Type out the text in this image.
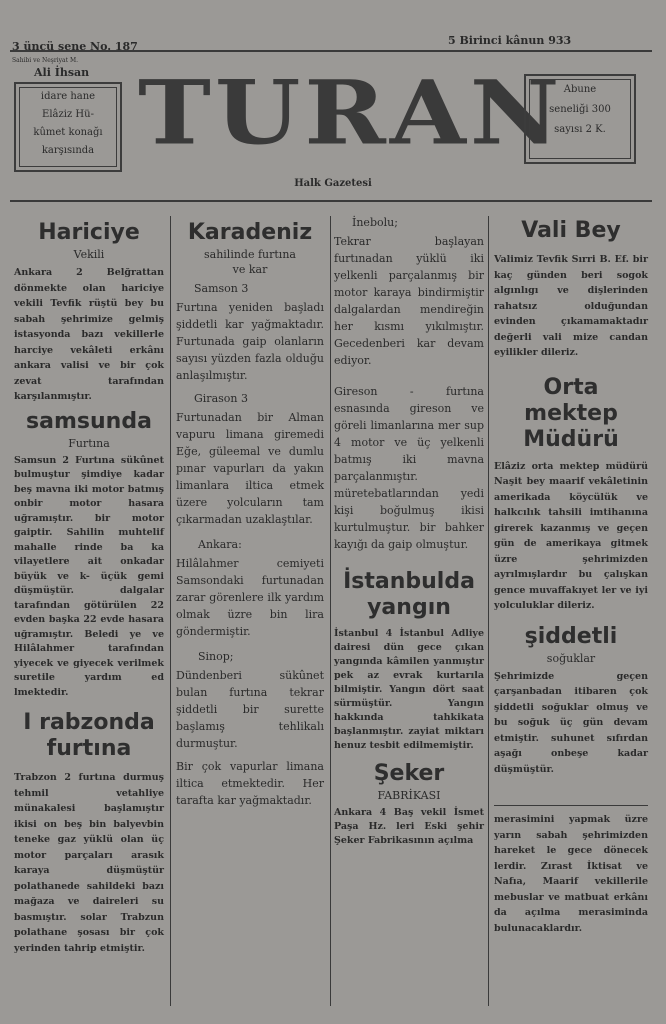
3 üncü sene No. 187	5 Birinci kânun 933
Sahibi ve Neşriyat M.
Ali İhsan
idare hane
Elâziz Hü-
kûmet konağı
karşısında TURAN Abune
seneliği 300
sayısı 2 K.
Halk Gazetesi
Hariciye
Vekili

Ankara 2 Belğrattan dönmekte olan hariciye vekili Tevfik rüştü bey bu sabah şehrimize gelmiş istasyonda bazı vekillerle harciye vekâleti erkânı ankara valisi ve bir çok zevat tarafından karşılanmıştır.

samsunda
Furtına

Samsun 2 Furtına sükûnet bulmuştur şimdiye kadar beş mavna iki motor batmış onbir motor hasara uğramıştır. bir motor gaiptir. Sahilin muhtelif mahalle rinde ba ka vilayetlere ait onkadar büyük ve k- üçük gemi düşmüştür. dalgalar tarafından götürülen 22 evden başka 22 evde hasara uğramıştır. Beledi ye ve Hilâlahmer tarafından yiyecek ve giyecek verilmek suretile yardım ed lmektedir.

I rabzonda
furtına

Trabzon 2 furtına durmuş tehmil vetahliye münakalesi başlamıştır ikisi on beş bin balyevbin teneke gaz yüklü olan üç motor parçaları arasık karaya düşmüştür polathanede sahildeki bazı mağaza ve daireleri su basmıştır. solar Trabzun polathane şosası bir çok yerinden tahrip etmiştir.

Karadeniz
sahilinde furtına
ve kar
Samson 3

Furtına yeniden başladı şiddetli kar yağmaktadır. Furtunada gaip olanların sayısı yüzden fazla olduğu anlaşılmıştır.

Girason 3

Furtunadan bir Alman vapuru limana giremedi Eğe, güleemal ve dumlu pınar vapurları da yakın limanlara iltica etmek üzere yolcuların tam çıkarmadan uzaklaştılar.

Ankara:

Hilâlahmer cemiyeti Samsondaki furtunadan zarar görenlere ilk yardım olmak üzre bin lira göndermiştir.

Sinop;

Dündenberi sükûnet bulan furtına tekrar şiddetli bir surette başlamış tehlikalı durmuştur.

Bir çok vapurlar limana iltica etmektedir. Her tarafta kar yağmaktadır.

İnebolu;

Tekrar başlayan furtınadan yüklü iki yelkenli parçalanmış bir motor karaya bindirmiştir dalgalardan mendireğin her kısmı yıkılmıştır. Gecedenberi kar devam ediyor.

Gireson - furtına esnasında gireson ve göreli limanlarına mer sup 4 motor ve üç yelkenli batmış iki mavna parçalanmıştır. müretebatlarından yedi kişi boğulmuş ikisi kurtulmuştur. bir bahker kayığı da gaip olmuştur.

İstanbulda
yangın

İstanbul 4 İstanbul Adliye dairesi dün gece çıkan yangında kâmilen yanmıştır pek az evrak kurtarıla bilmiştir. Yangın dört saat sürmüştür. Yangın hakkında tahkikata başlanmıştır. zayiat miktarı henuz tesbit edilmemiştir.

Şeker
FABRİKASI

Ankara 4 Baş vekil İsmet Paşa Hz. leri Eski şehir Şeker Fabrikasının açılma

Vali Bey

Valimiz Tevfik Sırri B. Ef. bir kaç günden beri sogok algınlıgı ve dişlerinden rahatsız olduğundan evinden çıkamamaktadır değerli vali mize candan eyilikler dileriz.

Orta mektep
Müdürü

Elâziz orta mektep müdürü Naşit bey maarif vekâletinin amerikada köycülük ve halkcılık tahsili imtihanına girerek kazanmış ve geçen gün de amerikaya gitmek üzre şehrimizden ayrılmışlardır bu çalışkan gence muvaffakıyet ler ve iyi yolculuklar dileriz.

şiddetli
soğuklar

Şehrimizde geçen çarşanbadan itibaren çok şiddetli soğuklar olmuş ve bu soğuk üç gün devam etmiştir. suhunet sıfırdan aşağı onbeşe kadar düşmüştür.

merasimini yapmak üzre yarın sabah şehrimizden hareket le gece dönecek lerdir. Zırast İktisat ve Nafıa, Maarif vekillerile mebuslar ve matbuat erkânı da açılma merasiminda bulunacaklardır.
